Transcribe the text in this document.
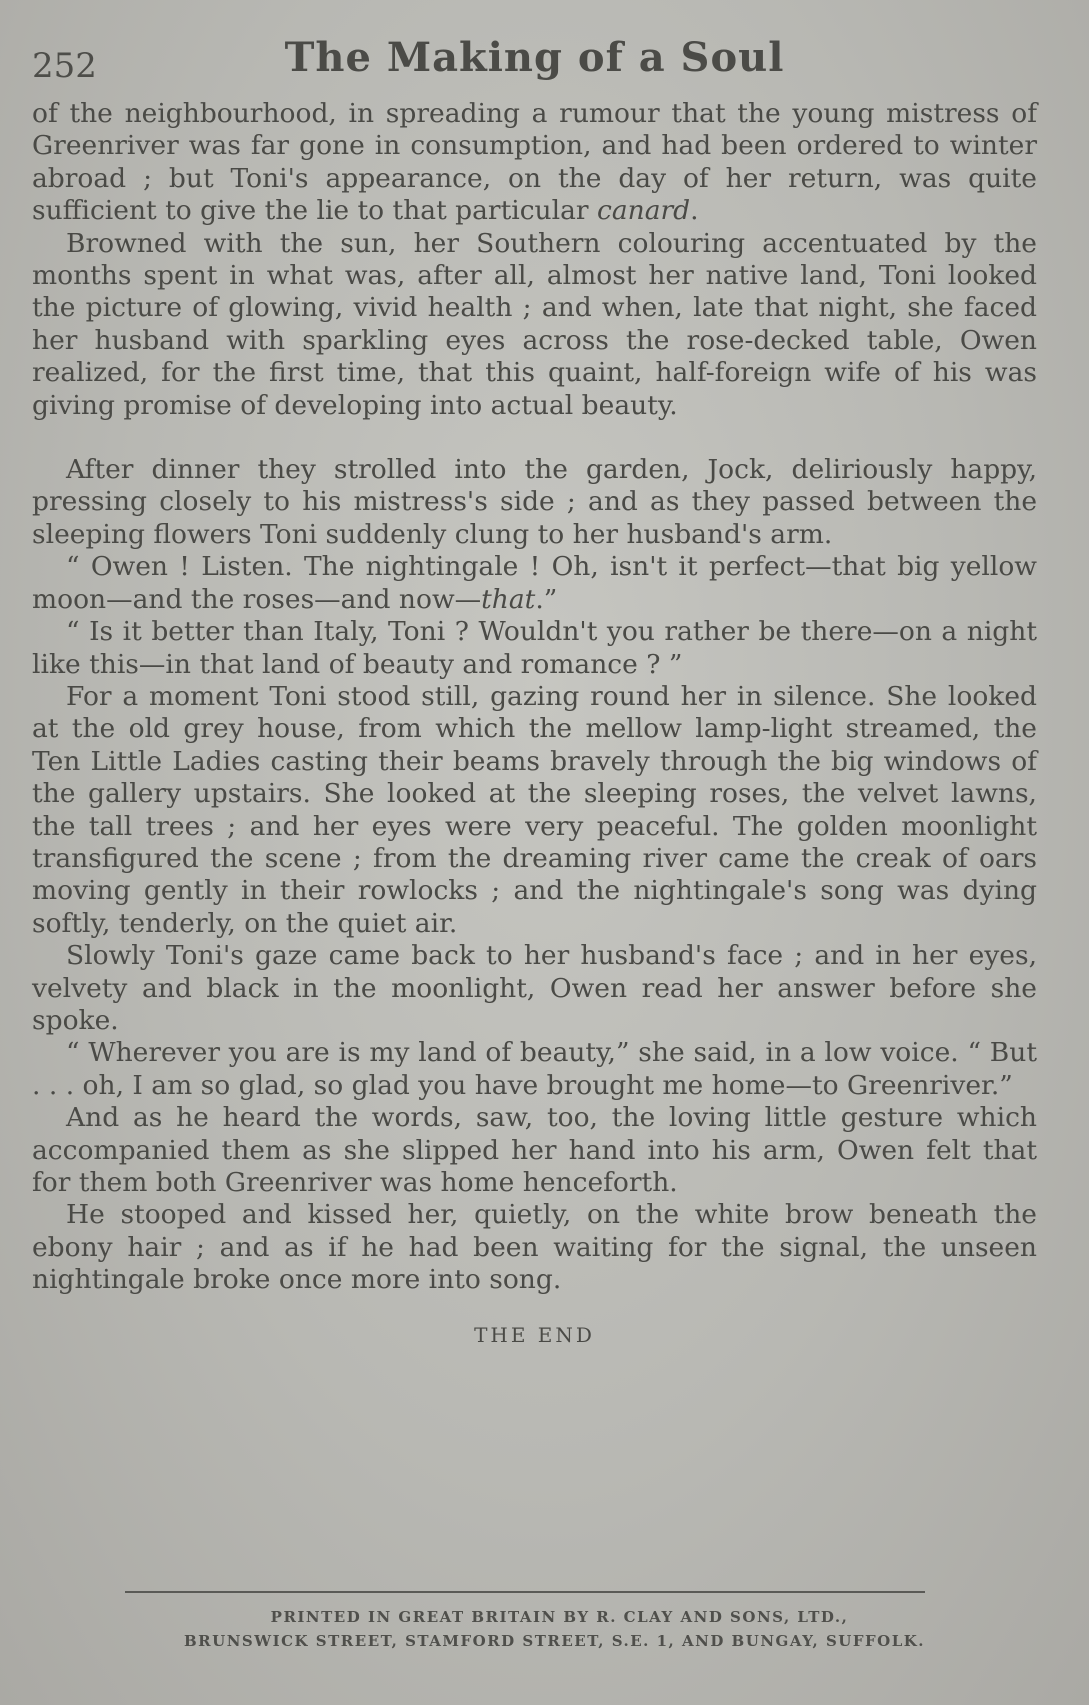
252	The Making of a Soul

of the neighbourhood, in spreading a rumour that the young mistress of Greenriver was far gone in consumption, and had been ordered to winter abroad ; but Toni's appearance, on the day of her return, was quite sufficient to give the lie to that particular canard.

Browned with the sun, her Southern colouring accentuated by the months spent in what was, after all, almost her native land, Toni looked the picture of glowing, vivid health ; and when, late that night, she faced her husband with sparkling eyes across the rose-decked table, Owen realized, for the first time, that this quaint, half-foreign wife of his was giving promise of developing into actual beauty.

After dinner they strolled into the garden, Jock, deliriously happy, pressing closely to his mistress's side ; and as they passed between the sleeping flowers Toni suddenly clung to her husband's arm.

“ Owen ! Listen. The nightingale ! Oh, isn't it perfect—that big yellow moon—and the roses—and now—that.”

“ Is it better than Italy, Toni ? Wouldn't you rather be there—on a night like this—in that land of beauty and romance ? ”

For a moment Toni stood still, gazing round her in silence. She looked at the old grey house, from which the mellow lamp-light streamed, the Ten Little Ladies casting their beams bravely through the big windows of the gallery upstairs. She looked at the sleeping roses, the velvet lawns, the tall trees ; and her eyes were very peaceful. The golden moonlight transfigured the scene ; from the dreaming river came the creak of oars moving gently in their rowlocks ; and the nightingale's song was dying softly, tenderly, on the quiet air.

Slowly Toni's gaze came back to her husband's face ; and in her eyes, velvety and black in the moonlight, Owen read her answer before she spoke.

“ Wherever you are is my land of beauty,” she said, in a low voice. “ But . . . oh, I am so glad, so glad you have brought me home—to Greenriver.”

And as he heard the words, saw, too, the loving little gesture which accompanied them as she slipped her hand into his arm, Owen felt that for them both Greenriver was home henceforth.

He stooped and kissed her, quietly, on the white brow beneath the ebony hair ; and as if he had been waiting for the signal, the unseen nightingale broke once more into song.

THE END
PRINTED IN GREAT BRITAIN BY R. CLAY AND SONS, LTD.,
BRUNSWICK STREET, STAMFORD STREET, S.E. 1, AND BUNGAY, SUFFOLK.
